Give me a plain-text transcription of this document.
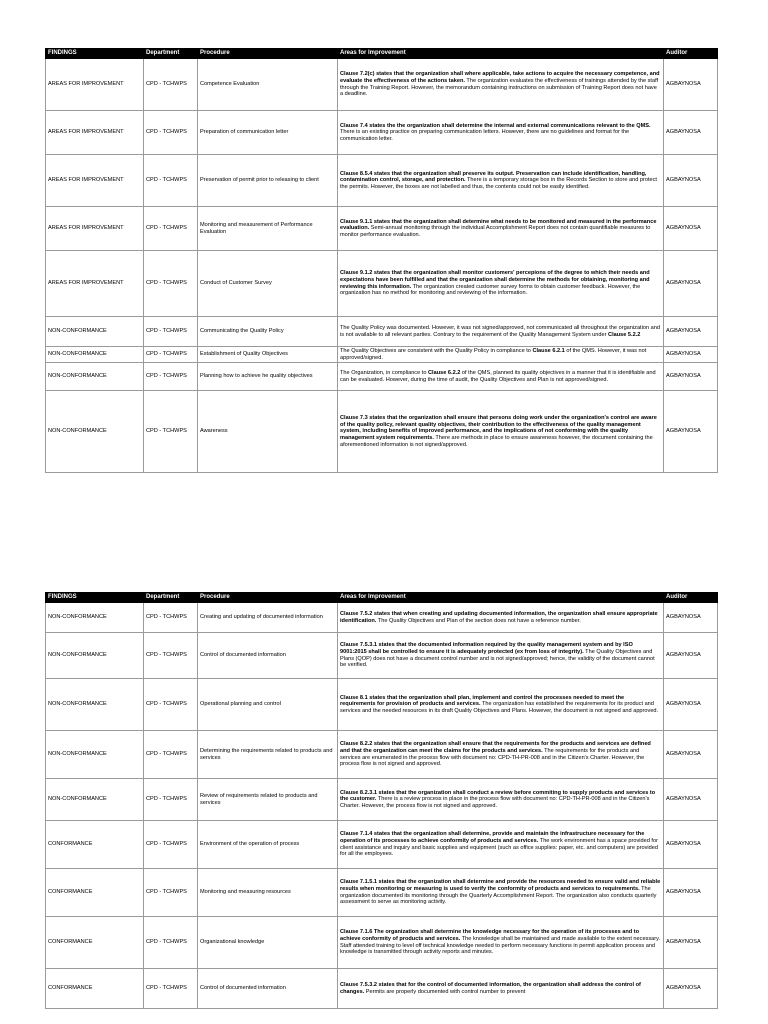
FINDINGS	Department	Procedure	Areas for Improvement	Auditor
AREAS FOR IMPROVEMENT	CPD - TCHWPS	Competence Evaluation	Clause 7.2(c) states that the organization shall where applicable, take actions to acquire the necessary competence, and evaluate the effectiveness of the actions taken. The organization evaluates the effectiveness of trainings attended by the staff through the Training Report. However, the memorandum containing instructions on submission of Training Report does not have a deadline.	AGBAYNOSA
AREAS FOR IMPROVEMENT	CPD - TCHWPS	Preparation of communication letter	Clause 7.4 states the the organization shall determine the internal and external communications relevant to the QMS. There is an existing practice on preparing communication letters. However, there are no guidelines and format for the communication letter.	AGBAYNOSA
AREAS FOR IMPROVEMENT	CPD - TCHWPS	Preservation of permit prior to releasing to client	Clause 8.5.4 states that the organization shall preserve its output. Preservation can include identification, handling, contamination control, storage, and protection. There is a temporary storage box in the Records Section to store and protect the permits. However, the boxes are not labelled and thus, the contents could not be easily identified.	AGBAYNOSA
AREAS FOR IMPROVEMENT	CPD - TCHWPS	Monitoring and measurement of Performance Evaluation	Clause 9.1.1 states that the organization shall determine what needs to be monitored and measured in the performance evaluation. Semi-annual monitoring through the individual Accomplishment Report does not contain quantifiable measures to monitor performance evaluation.	AGBAYNOSA
AREAS FOR IMPROVEMENT	CPD - TCHWPS	Conduct of Customer Survey	Clause 9.1.2 states that the organization shall monitor customers' percepions of the degree to which their needs and expectations have been fulfilled and that the organization shall determine the methods for obtaining, monitoring and reviewing this information. The organization created customer survey forms to obtain customer feedback. However, the organization has no method for monitoring and reviewing of the information.	AGBAYNOSA
NON-CONFORMANCE	CPD - TCHWPS	Communicating the Quality Policy	The Quality Policy was documented. However, it was not signed/approved, not communicated all throughout the organization and is not available to all relevant parties. Contrary to the requirement of the Quality Management System under Clause 5.2.2	AGBAYNOSA
NON-CONFORMANCE	CPD - TCHWPS	Establishment of Quality Objectives	The Quality Objectives are consistent with the Quality Policy in compliance to Clause 6.2.1 of the QMS. However, it was not approved/signed.	AGBAYNOSA
NON-CONFORMANCE	CPD - TCHWPS	Planning how to achieve he quality objectives	The Organization, in compliance to Clause 6.2.2 of the QMS, planned its quality objectives in a manner that it is identifiable and can be evaluated. However, during the time of audit, the Quality Objectives and Plan is not approved/signed.	AGBAYNOSA
NON-CONFORMANCE	CPD - TCHWPS	Awareness	Clause 7.3 states that the organization shall ensure that persons doing work under the organization's control are aware of the quality policy, relevant quality objectives, their contribution to the effectiveness of the quality management system, including benefits of improved performance, and the implications of not conforming with the quality management system requirements. There are methods in place to ensure awareness however, the document containing the aforementioned information is not signed/approved.	AGBAYNOSA
FINDINGS	Department	Procedure	Areas for Improvement	Auditor
NON-CONFORMANCE	CPD - TCHWPS	Creating and updating of documented information	Clause 7.5.2 states that when creating and updating documented information, the organization shall ensure appropriate identification. The Quality Objectives and Plan of the section does not have a reference number.	AGBAYNOSA
NON-CONFORMANCE	CPD - TCHWPS	Control of documented information	Clause 7.5.3.1 states that the documented information required by the quality management system and by ISO 9001:2015 shall be controlled to ensure it is adequately protected (ex from loss of integrity). The Quality Objectives and Plans (QOP) does not have a document control number and is not signed/approved; hence, the validity of the document cannot be verified.	AGBAYNOSA
NON-CONFORMANCE	CPD - TCHWPS	Operational planning and control	Clause 8.1 states that the organization shall plan, implement and control the processes needed to meet the requirements for provision of products and services. The organization has established the requirements for its product and services and the needed resources in its draft Quality Objectives and Plans. However, the document is not signed and approved.	AGBAYNOSA
NON-CONFORMANCE	CPD - TCHWPS	Determining the requirements related to products and services	Clause 8.2.2 states that the organization shall ensure that the requirements for the products and services are defined and that the organization can meet the claims for the products and services. The requirements for the products and services are enumerated in the process flow with document no: CPD-TH-PR-008 and in the Citizen's Charter. However, the process flow is not signed and approved.	AGBAYNOSA
NON-CONFORMANCE	CPD - TCHWPS	Review of requirements related to products and services	Clause 8.2.3.1 states that the organization shall conduct a review before commiting to supply products and services to the customer. There is a review process in place in the process flow with document no: CPD-TH-PR-008 and in the Citizen's Charter. However, the process flow is not signed and approved.	AGBAYNOSA
CONFORMANCE	CPD - TCHWPS	Environment of the operation of process	Clause 7.1.4 states that the organization shall determine, provide and maintain the infrastructure necessary for the operation of its processes to achieve conformity of products and services. The work environment has a space provided for client assistance and inquiry and basic supplies and equipment (such as office supplies: paper, etc. and computers) are provided for all the employees.	AGBAYNOSA
CONFORMANCE	CPD - TCHWPS	Monitoring and measuring resources	Clause 7.1.5.1 states that the organization shall determine and provide the resources needed to ensure valid and reliable results when monitoring or measuring is used to verify the conformity of products and services to requirements. The organization documented its monitoring through the Quarterly Accomplishment Report. The organization also conducts quarterly assessment to serve as monitoring activity.	AGBAYNOSA
CONFORMANCE	CPD - TCHWPS	Organizational knowledge	Clause 7.1.6 The organization shall determine the knowledge necessary for the operation of its processes and to achieve conformity of products and services. The knowledge shall be maintained and made available to the extent necessary. Staff attended training to level off technical knowledge needed to perform necessary functions in permit application process and knowledge is transmitted through activity reports and minutes.	AGBAYNOSA
CONFORMANCE	CPD - TCHWPS	Control of documented information	Clause 7.5.3.2 states that for the control of documented information, the organization shall address the control of changes. Permits are properly documented with control number to prevent	AGBAYNOSA
